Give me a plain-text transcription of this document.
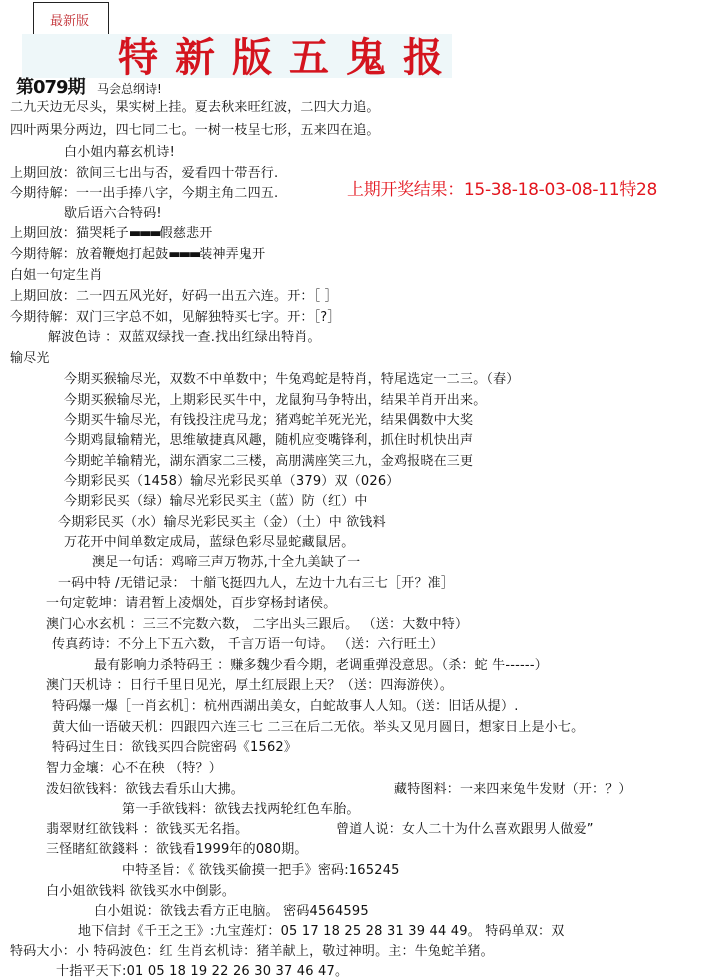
最新版
特新版五鬼报
第079期 马会总纲诗!
上期开奖结果：15-38-18-03-08-11特28
二九天边无尽头，果实树上挂。夏去秋来旺红波，二四大力追。
四叶两果分两边，四七同二七。一树一枝呈七形，五来四在追。
白小姐内幕玄机诗!
上期回放：欲间三七出与否，爱看四十带吾行.
今期待解：一一出手捧八字，今期主角二四五.
歇后语六合特码!
上期回放：猫哭耗子▬▬▬假慈悲开
今期待解：放着鞭炮打起鼓▬▬▬装神弄鬼开
白姐一句定生肖
上期回放：二一四五风光好，好码一出五六连。开：［ ］
今期待解：双门三字总不如，见解独特买七字。开：［?］
解波色诗 ：双蓝双绿找一查.找出红绿出特肖。
输尽光
今期买猴输尽光，双数不中单数中；牛兔鸡蛇是特肖，特尾选定一二三。（春）
今期买猴输尽光，上期彩民买牛中，龙鼠狗马争特出，结果羊肖开出来。
今期买牛输尽光，有钱投注虎马龙；猪鸡蛇羊死光光，结果偶数中大奖
今期鸡鼠输精光，思维敏捷真风趣，随机应变嘴锋利，抓住时机快出声
今期蛇羊输精光，湖东酒家二三楼，高朋满座笑三九，金鸡报晓在三更
今期彩民买（1458）输尽光彩民买单（379）双（026）
今期彩民买（绿）输尽光彩民买主（蓝）防（红）中
今期彩民买（水）输尽光彩民买主（金）（土）中 欲钱料
万花开中间单数定成局，蓝绿色彩尽显蛇藏鼠居。
澳足一句话：鸡啼三声万物苏,十全九美缺了一
一码中特 /无错记录： 十艏飞挺四九人，左边十九右三七［开？准］
一句定乾坤：请君暂上凌烟处，百步穿杨封诸侯。
澳门心水玄机 ：三三不完数六数， 二字出头三跟后。 （送：大数中特）
传真药诗：不分上下五六数， 千言万语一句诗。 （送：六行旺土）
最有影响力杀特码王 ：赚多魏少看今期，老调重弹没意思。（杀：蛇 牛------）
澳门天机诗 ：日行千里日见光，厚土红辰跟上天？（送：四海游侠）。
特码爆一爆［一肖玄机］：杭州西湖出美女，白蛇故事人人知。（送：旧话从提）.
黄大仙一语破天机：四跟四六连三七 二三在后二无依。举头又见月圆日，想家日上是小七。
特码过生日：欲钱买四合院密码《1562》
智力金壤：心不在秧 （特？）
泼妇欲钱料：欲钱去看乐山大拂。	藏特图料：一来四来兔牛发财（开：？）
第一手欲钱料：欲钱去找两轮红色车胎。
翡翠财红欲钱料 ：欲钱买无名指。	曾道人说：女人二十为什么喜欢跟男人做爱”
三怪睹紅欲錢料 ：欲钱看1999年的080期。
中特圣旨：《 欲钱买偷摸一把手》密码:165245
白小姐欲钱料 欲钱买水中倒影。
白小姐说：欲钱去看方正电脑。 密码4564595
地下信封《千王之王》:九宝莲灯：05 17 18 25 28 31 39 44 49。 特码单双：双
特码大小：小 特码波色：红 生肖玄机诗：猪羊献上，敬过神明。主：牛兔蛇羊猪。
十指平天下:01 05 18 19 22 26 30 37 46 47。
